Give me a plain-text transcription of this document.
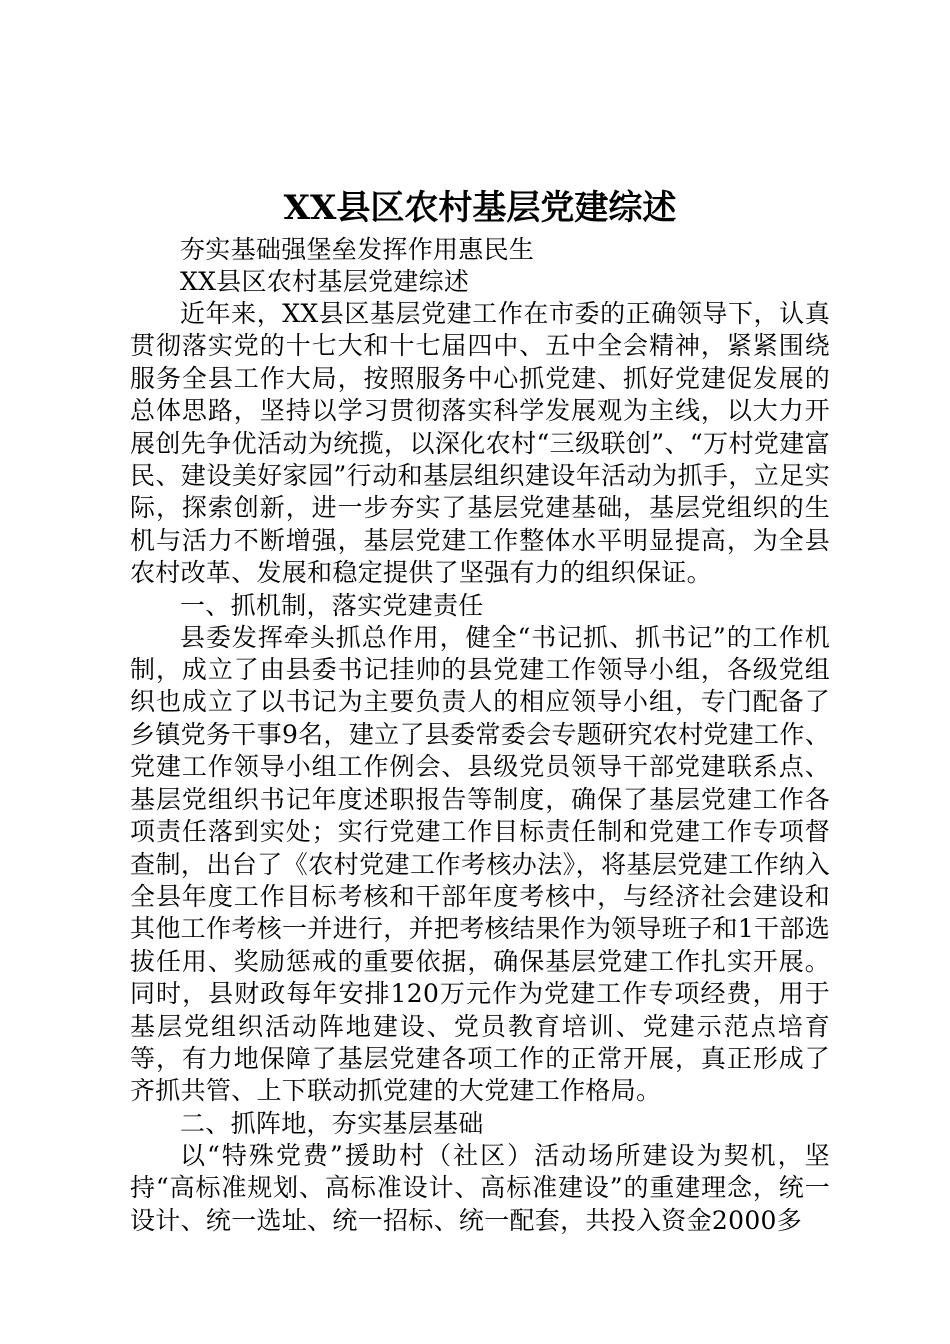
XX县区农村基层党建综述

夯实基础强堡垒发挥作用惠民生

XX县区农村基层党建综述

近年来，XX县区基层党建工作在市委的正确领导下，认真贯彻落实党的十七大和十七届四中、五中全会精神，紧紧围绕服务全县工作大局，按照服务中心抓党建、抓好党建促发展的总体思路，坚持以学习贯彻落实科学发展观为主线，以大力开展创先争优活动为统揽，以深化农村“三级联创”、“万村党建富民、建设美好家园”行动和基层组织建设年活动为抓手，立足实际，探索创新，进一步夯实了基层党建基础，基层党组织的生机与活力不断增强，基层党建工作整体水平明显提高，为全县农村改革、发展和稳定提供了坚强有力的组织保证。

一、抓机制，落实党建责任

县委发挥牵头抓总作用，健全“书记抓、抓书记”的工作机制，成立了由县委书记挂帅的县党建工作领导小组，各级党组织也成立了以书记为主要负责人的相应领导小组，专门配备了乡镇党务干事9名，建立了县委常委会专题研究农村党建工作、党建工作领导小组工作例会、县级党员领导干部党建联系点、基层党组织书记年度述职报告等制度，确保了基层党建工作各项责任落到实处；实行党建工作目标责任制和党建工作专项督查制，出台了《农村党建工作考核办法》，将基层党建工作纳入全县年度工作目标考核和干部年度考核中，与经济社会建设和其他工作考核一并进行，并把考核结果作为领导班子和1干部选拔任用、奖励惩戒的重要依据，确保基层党建工作扎实开展。同时，县财政每年安排120万元作为党建工作专项经费，用于基层党组织活动阵地建设、党员教育培训、党建示范点培育等，有力地保障了基层党建各项工作的正常开展，真正形成了齐抓共管、上下联动抓党建的大党建工作格局。

二、抓阵地，夯实基层基础

以“特殊党费”援助村（社区）活动场所建设为契机，坚持“高标准规划、高标准设计、高标准建设”的重建理念，统一设计、统一选址、统一招标、统一配套，共投入资金2000多
